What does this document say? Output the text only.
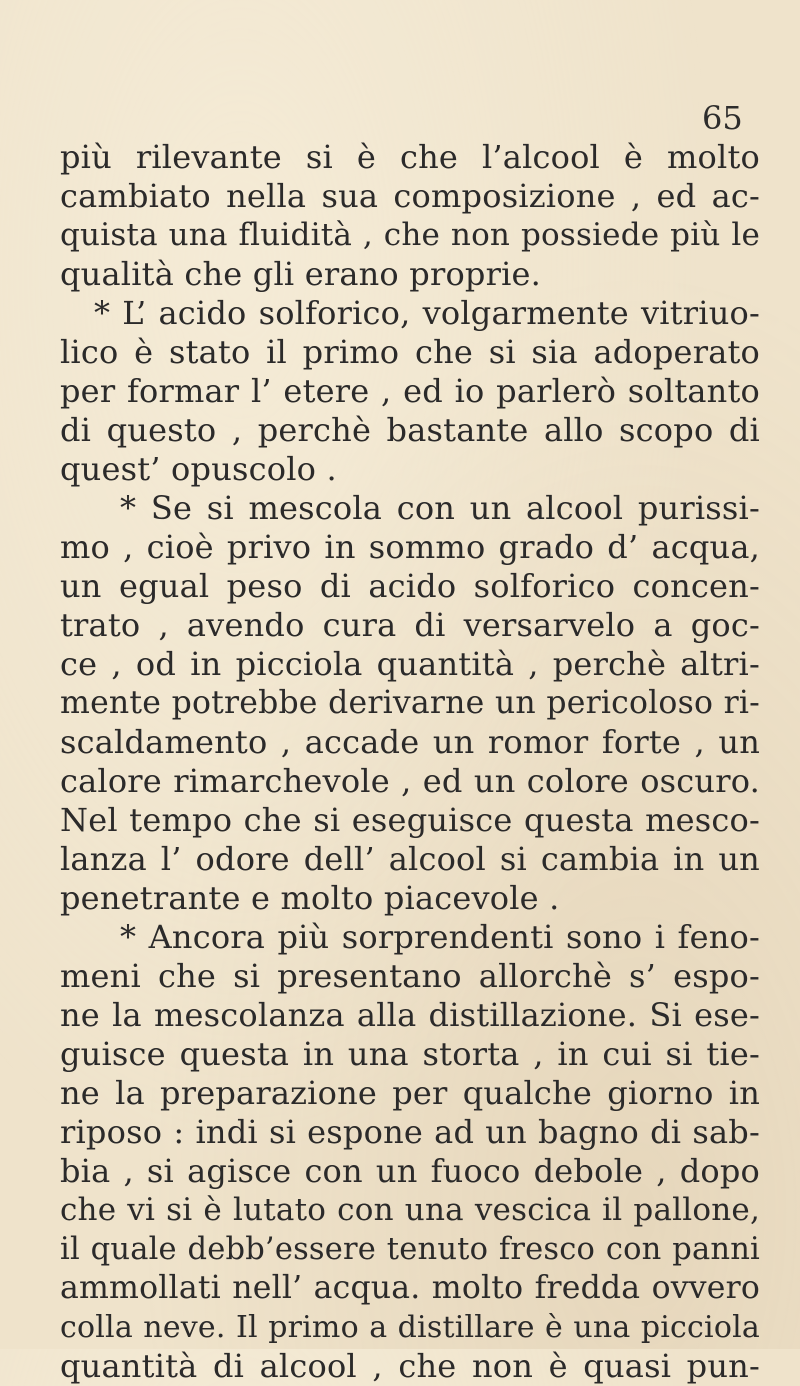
65
più rilevante si è che l’alcool è molto
cambiato nella sua composizione , ed ac-
quista una fluidità , che non possiede più le
qualità che gli erano proprie.
* L’ acido solforico, volgarmente vitriuo-
lico è stato il primo che si sia adoperato
per formar l’ etere , ed io parlerò soltanto
di questo , perchè bastante allo scopo di
quest’ opuscolo .
* Se si mescola con un alcool purissi-
mo , cioè privo in sommo grado d’ acqua,
un egual peso di acido solforico concen-
trato , avendo cura di versarvelo a goc-
ce , od in picciola quantità , perchè altri-
mente potrebbe derivarne un pericoloso ri-
scaldamento , accade un romor forte , un
calore rimarchevole , ed un colore oscuro.
Nel tempo che si eseguisce questa mesco-
lanza l’ odore dell’ alcool si cambia in un
penetrante e molto piacevole .
* Ancora più sorprendenti sono i feno-
meni che si presentano allorchè s’ espo-
ne la mescolanza alla distillazione. Si ese-
guisce questa in una storta , in cui si tie-
ne la preparazione per qualche giorno in
riposo : indi si espone ad un bagno di sab-
bia , si agisce con un fuoco debole , dopo
che vi si è lutato con una vescica il pallone,
il quale debb’essere tenuto fresco con panni
ammollati nell’ acqua. molto fredda ovvero
colla neve. Il primo a distillare è una picciola
quantità di alcool , che non è quasi pun-
